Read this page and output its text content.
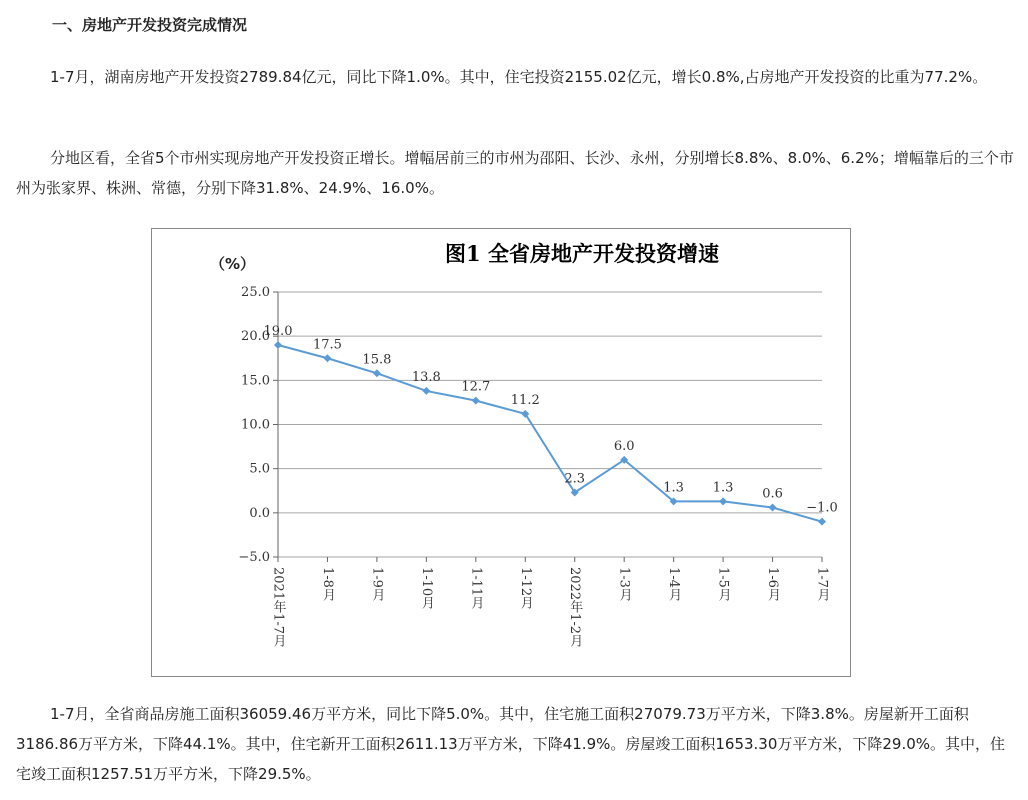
一、房地产开发投资完成情况

1-7月，湖南房地产开发投资2789.84亿元，同比下降1.0%。其中，住宅投资2155.02亿元，增长0.8%,占房地产开发投资的比重为77.2%。

分地区看，全省5个市州实现房地产开发投资正增长。增幅居前三的市州为邵阳、长沙、永州，分别增长8.8%、8.0%、6.2%；增幅靠后的三个市州为张家界、株洲、常德，分别下降31.8%、24.9%、16.0%。

图1 全省房地产开发投资增速
（%）
−5.0
0.0
5.0
10.0
15.0
20.0
25.0
2021年1-7月	1-8月	1-9月	1-10月	1-11月	1-12月	2022年1-2月	1-3月	1-4月	1-5月	1-6月	1-7月
19.0
17.5
15.8
13.8
12.7
11.2
2.3
6.0
1.3 1.3 0.6
−1.0

1-7月，全省商品房施工面积36059.46万平方米，同比下降5.0%。其中，住宅施工面积27079.73万平方米，下降3.8%。房屋新开工面积3186.86万平方米，下降44.1%。其中，住宅新开工面积2611.13万平方米，下降41.9%。房屋竣工面积1653.30万平方米，下降29.0%。其中，住宅竣工面积1257.51万平方米，下降29.5%。
